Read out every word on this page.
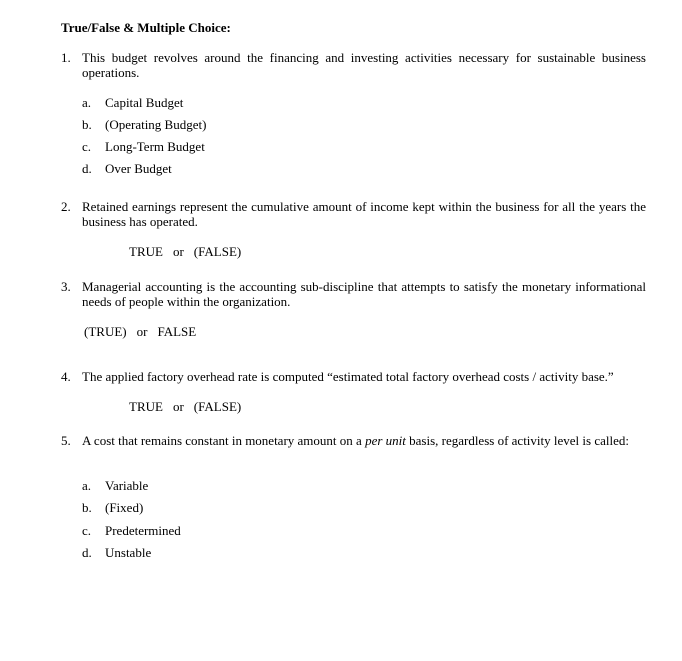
True/False & Multiple Choice:
1. This budget revolves around the financing and investing activities necessary for sustainable business operations.
a. Capital Budget
b. (Operating Budget)
c. Long-Term Budget
d. Over Budget
2. Retained earnings represent the cumulative amount of income kept within the business for all the years the business has operated.
TRUE or (FALSE)
3. Managerial accounting is the accounting sub-discipline that attempts to satisfy the monetary informational needs of people within the organization.
(TRUE) or FALSE
4. The applied factory overhead rate is computed “estimated total factory overhead costs / activity base.”
TRUE or (FALSE)
5. A cost that remains constant in monetary amount on a per unit basis, regardless of activity level is called:
a. Variable
b. (Fixed)
c. Predetermined
d. Unstable
